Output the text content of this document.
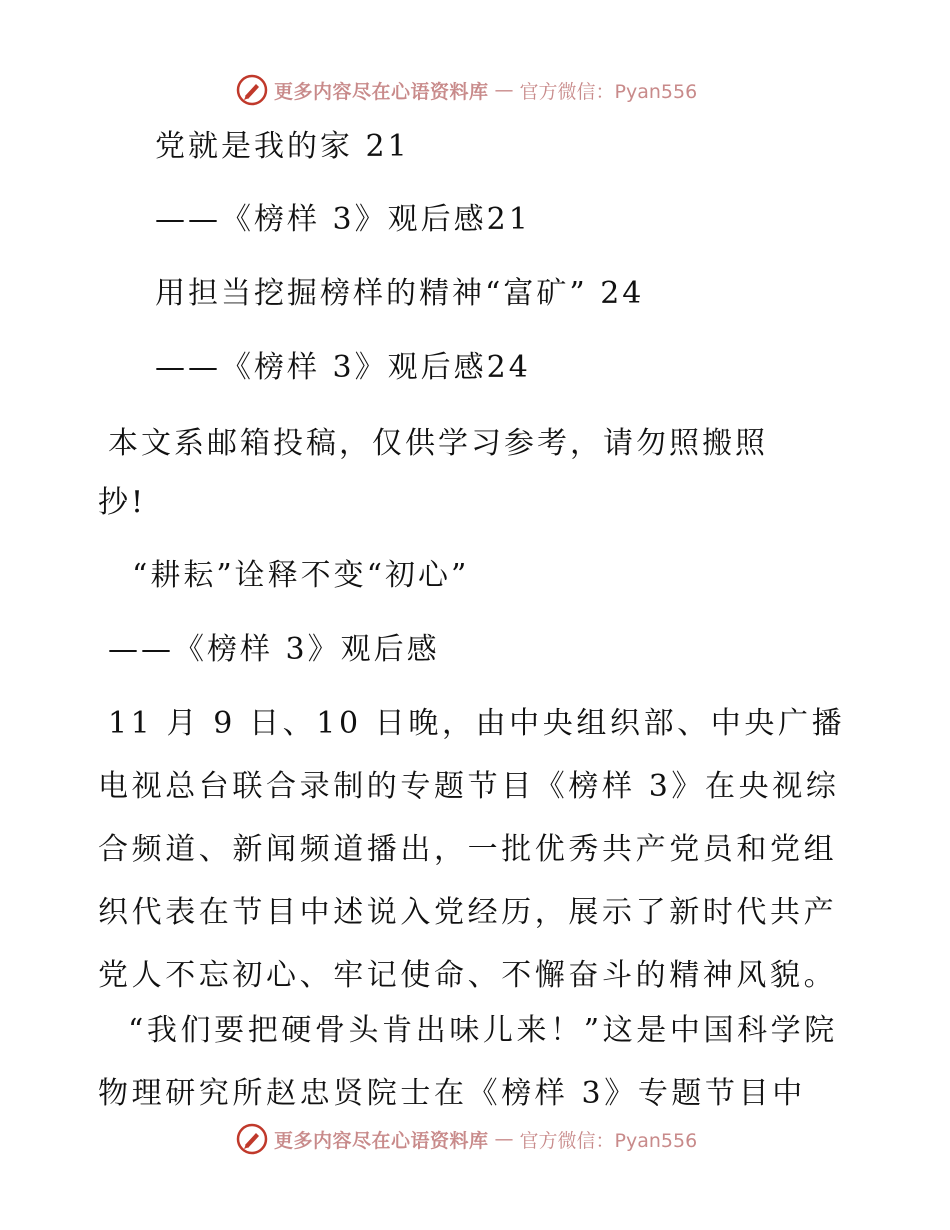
更多内容尽在心语资料库 — 官方微信：Pyan556
党就是我的家 21
——《榜样 3》观后感21
用担当挖掘榜样的精神“富矿” 24
——《榜样 3》观后感24
本文系邮箱投稿，仅供学习参考，请勿照搬照
抄!
“耕耘”诠释不变“初心”
——《榜样 3》观后感

11 月 9 日、10 日晚，由中央组织部、中央广播电视总台联合录制的专题节目《榜样 3》在央视综合频道、新闻频道播出，一批优秀共产党员和党组织代表在节目中述说入党经历，展示了新时代共产党人不忘初心、牢记使命、不懈奋斗的精神风貌。

“我们要把硬骨头肯出味儿来！”这是中国科学院物理研究所赵忠贤院士在《榜样 3》专题节目中

更多内容尽在心语资料库 — 官方微信：Pyan556
